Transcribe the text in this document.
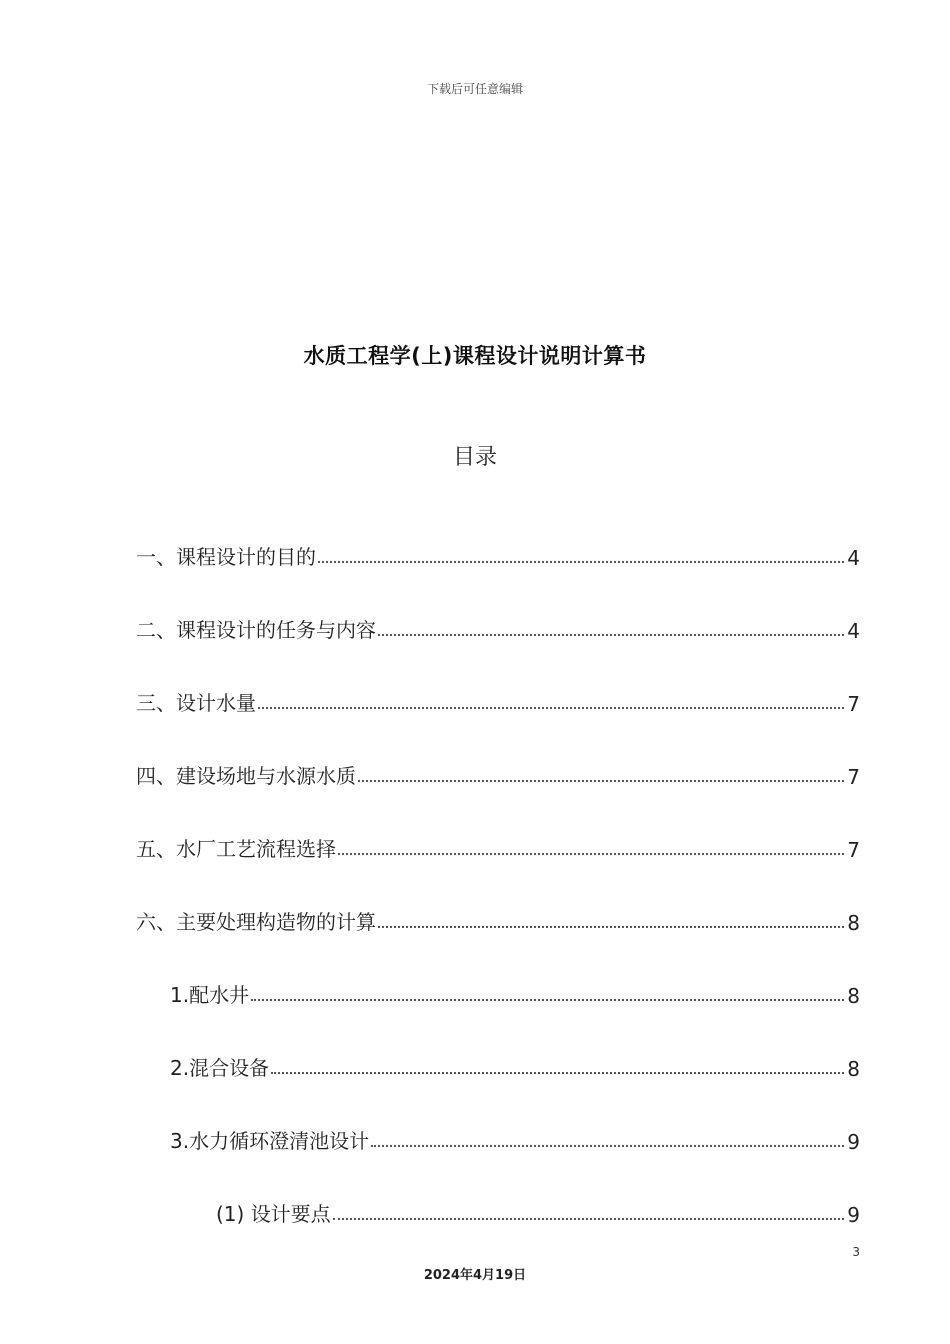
下载后可任意编辑
水质工程学(上)课程设计说明计算书
目录
一、课程设计的目的	4
二、课程设计的任务与内容	4
三、设计水量	7
四、建设场地与水源水质	7
五、水厂工艺流程选择	7
六、主要处理构造物的计算	8
1.配水井	8
2.混合设备	8
3.水力循环澄清池设计	9
(1) 设计要点	9
3
2024年4月19日
